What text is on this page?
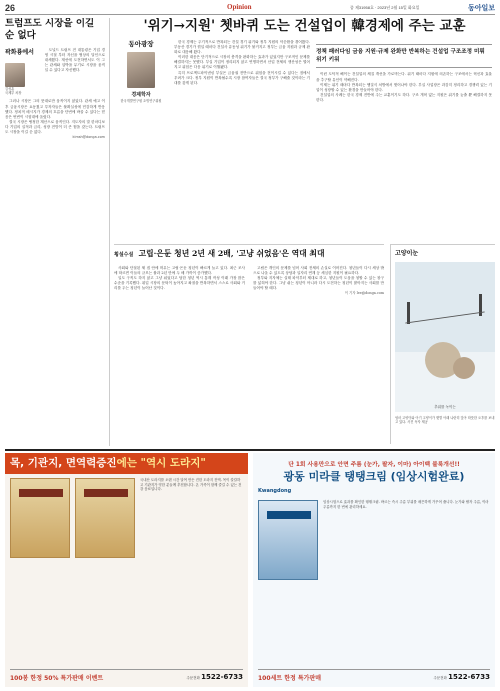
26	Opinion	종 제31958호 · 2023년 2월 15일 화요일	동아일보
트럼프도 시장을 이길 순 없다
곽화룡에서
김성훈
국제부 차장

도널드 트럼프 전 대통령은 기업 경영 시절 부터 자신을 협상의 달인으로 내세웠다. 재선에 도전하면서도 이 그는 관세와 압박을 무기로 시장을 움직일 수 있다고 자신했다.

그러나 시장은 그의 뜻대로만 움직이지 않았다. 관세 예고 이후 금융시장은 요동쳤고 투자자들은 불확실성에 민감하게 반응했다. 정치적 메시지가 경제의 흐름을 단번에 바꿀 수 있다는 믿음은 번번이 시험대에 올랐다.

결국 시장은 냉정한 계산으로 움직인다. 지도자의 말 한마디보다 기업의 실적과 금리, 성장 전망이 더 큰 힘을 갖는다. 트럼프도 시장을 이길 순 없다.

kimsh@donga.com
'위기→지원' 쳇바퀴 도는 건설업이 韓경제에 주는 교훈
동아광장
경제학자
한국개발연구원 초빙연구위원

한국 경제는 주기적으로 반복되는 건설 경기 위기와 정부 지원의 악순환을 겪어왔다. 부동산 경기가 꺾일 때마다 건설사 유동성 위기가 불거지고 정부는 금융 지원과 규제 완화로 대응해 왔다.

이러한 대응은 단기적으로 시장의 충격을 완화하는 효과가 있었지만 구조적인 문제를 해결하지는 못했다. 부실 기업이 정리되지 않고 연명하면서 산업 전체의 생산성은 떨어지고 위험은 다음 위기로 이월됐다.

특히 프로젝트파이낸싱 부실은 금융권 전반으로 위험을 전이시킬 수 있다는 점에서 우려가 크다. 정부 지원이 반복될수록 시장 참여자들은 결국 정부가 구해줄 것이라는 기대를 갖게 된다.

정책 패러다임 금융 지원·규제 완화만 반복하는 건설업 구조조정 미뤄 위기 키워

이런 도덕적 해이는 건설업의 체질 개선을 가로막는다. 위기 때마다 지원에 의존하는 구조에서는 혁신과 효율을 추구할 유인이 약해진다.

이제는 위기 때마다 반복되는 땜질식 처방에서 벗어나야 한다. 부실 사업장은 과감히 정리하고 경쟁력 있는 기업이 성장할 수 있는 환경을 만들어야 한다.

건설업의 사례는 한국 경제 전반에 주는 교훈이기도 하다. 구조 개혁 없는 지원은 위기를 늦출 뿐 해결하지 못한다.

횡설수설 고립·은둔 청년 2년 새 2배, '고냥 쉬었음'은 역대 최대

사회와 단절된 채 집 안에 머무는 고립·은둔 청년이 빠르게 늘고 있다. 최근 조사에 따르면 이들의 규모는 불과 2년 만에 두 배 가까이 증가했다.

일도 구직도 하지 않고 그냥 쉬었다고 답한 청년 역시 통계 작성 이래 가장 많은 수준을 기록했다. 취업 시장의 문턱이 높아지고 좌절을 반복하면서 스스로 사회와 거리를 두는 청년이 늘어난 것이다.

고립은 개인의 문제를 넘어 사회 전체의 손실로 이어진다. 청년들이 다시 세상 밖으로 나올 수 있도록 상담과 일자리 연계 등 세심한 지원이 필요하다.

정부와 지자체는 실태 파악부터 제대로 하고, 청년들이 도움을 청할 수 있는 창구를 넓혀야 한다. 그냥 쉬는 청년이 아니라 다시 도전하는 청년이 많아지는 사회를 만들어야 할 때다.

이 기자 lee@donga.com
고양이눈
추위를 녹이는
엄마 고양이와 아기 고양이가 햇볕 아래 나란히 앉아 따뜻한 오후를 보내고 있다. 사진 독자 제공
목, 기관지, 면역력증진에는 "역시 도라지"
국내산 도라지를 오랜 시간 달여 만든 진한 도라지 진액. 목이 칼칼하고 기관지가 약한 분들께 추천합니다. 온 가족이 함께 즐길 수 있는 건강 음료입니다.
100봉 한정 50% 특가판매 이벤트	주문전화 1522-6733
단 1회 사용만으로 안면 주름 (눈가, 팔자, 이마) 아이백 불룩개선!!
광동 미라클 탱탱크림 (임상시험완료)
Kwangdong
임상시험으로 효과를 확인한 탱탱크림. 바르는 즉시 주름 부위를 매끈하게 가꾸어 줍니다. 눈가와 팔자 주름, 이마 주름까지 한 번에 관리하세요.
100세트 한정 특가판매	주문전화 1522-6733
